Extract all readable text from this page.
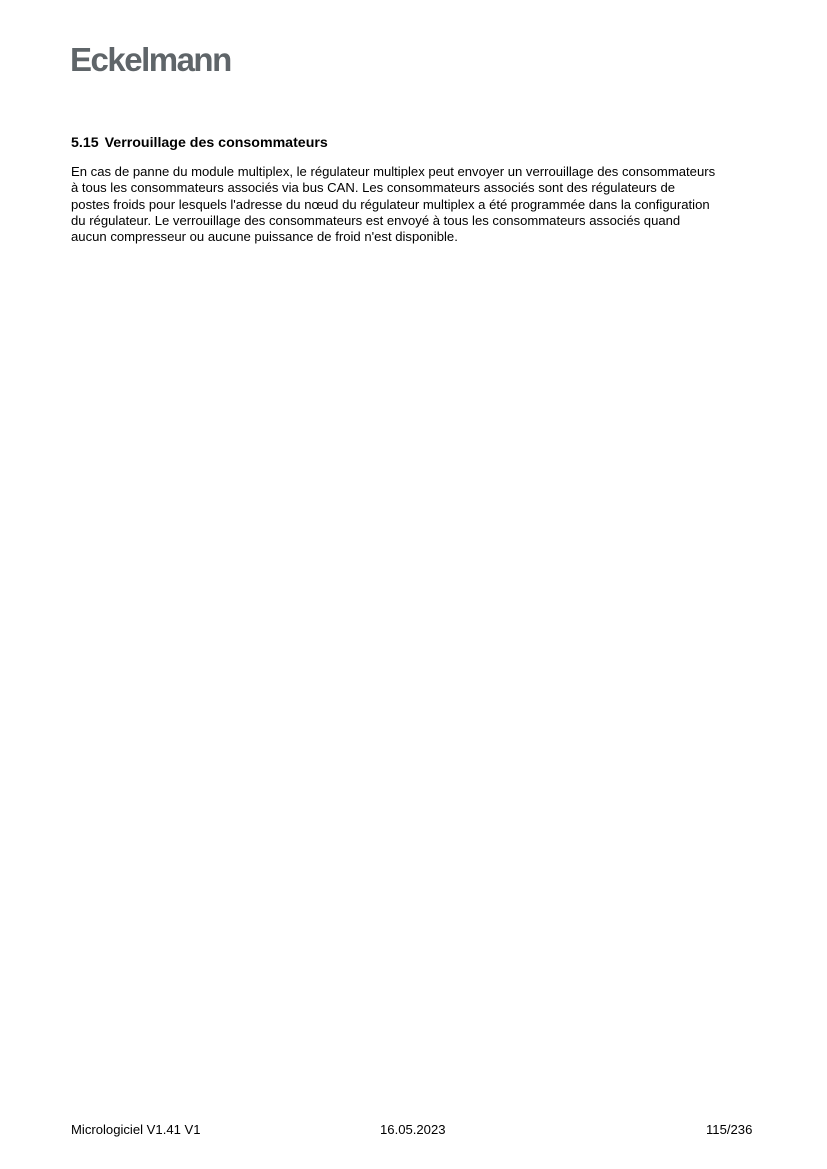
Eckelmann
5.15 Verrouillage des consommateurs

En cas de panne du module multiplex, le régulateur multiplex peut envoyer un verrouillage des consommateurs
à tous les consommateurs associés via bus CAN. Les consommateurs associés sont des régulateurs de
postes froids pour lesquels l'adresse du nœud du régulateur multiplex a été programmée dans la configuration
du régulateur. Le verrouillage des consommateurs est envoyé à tous les consommateurs associés quand
aucun compresseur ou aucune puissance de froid n'est disponible.

Micrologiciel V1.41 V1	16.05.2023	115/236
